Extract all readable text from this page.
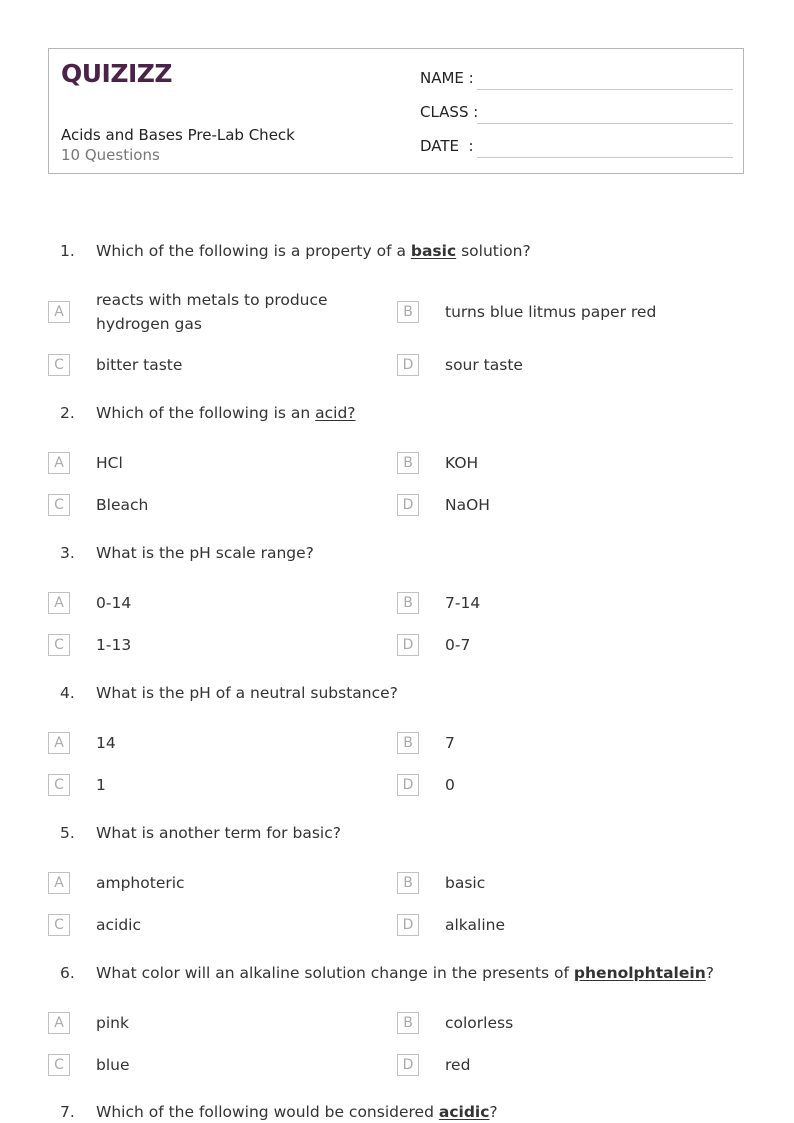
QUIZIZZ
Acids and Bases Pre-Lab Check
10 Questions
NAME :
CLASS :
DATE  :
1. Which of the following is a property of a basic solution?
A
reacts with metals to produce hydrogen gas
B	turns blue litmus paper red
C	bitter taste	D	sour taste
2. Which of the following is an acid?
A	HCl	B	KOH
C	Bleach	D	NaOH
3. What is the pH scale range?
A	0-14	B	7-14
C	1-13	D	0-7
4. What is the pH of a neutral substance?
A	14	B	7
C	1	D	0
5. What is another term for basic?
A	amphoteric	B	basic
C	acidic	D	alkaline
6. What color will an alkaline solution change in the presents of phenolphtalein?
A	pink	B	colorless
C	blue	D	red
7. Which of the following would be considered acidic?
